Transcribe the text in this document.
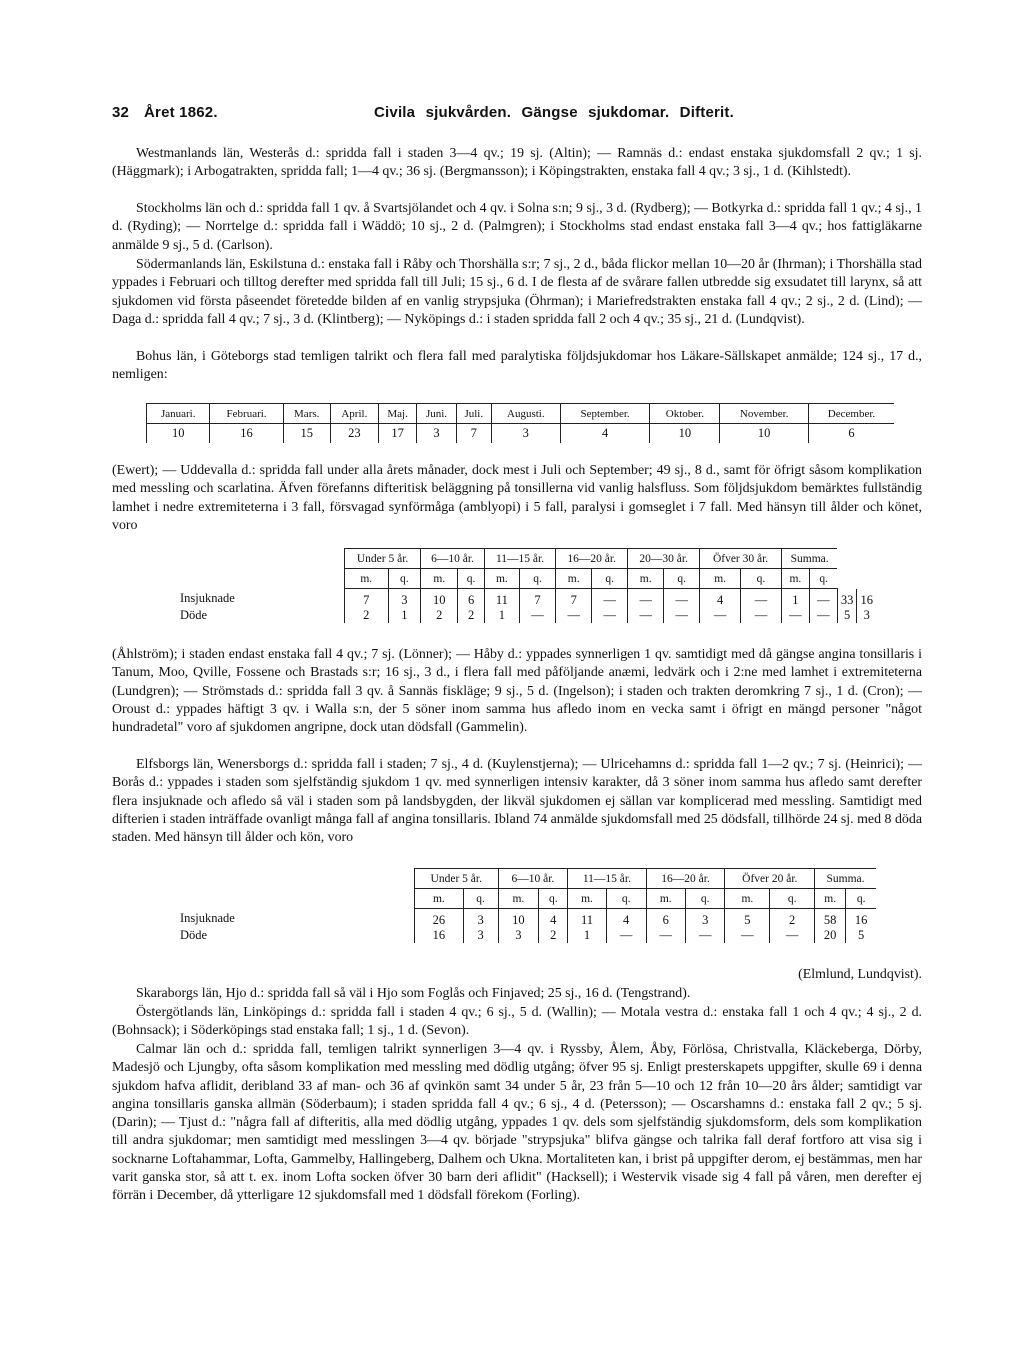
32 Året 1862.	Civila sjukvården. Gängse sjukdomar. Difterit.

Westmanlands län, Westerås d.: spridda fall i staden 3—4 qv.; 19 sj. (Altin); — Ramnäs d.: endast enstaka sjukdomsfall 2 qv.; 1 sj. (Häggmark); i Arbogatrakten, spridda fall; 1—4 qv.; 36 sj. (Bergmansson); i Köpingstrakten, enstaka fall 4 qv.; 3 sj., 1 d. (Kihlstedt).

Stockholms län och d.: spridda fall 1 qv. å Svartsjölandet och 4 qv. i Solna s:n; 9 sj., 3 d. (Rydberg); — Botkyrka d.: spridda fall 1 qv.; 4 sj., 1 d. (Ryding); — Norrtelge d.: spridda fall i Wäddö; 10 sj., 2 d. (Palmgren); i Stockholms stad endast enstaka fall 3—4 qv.; hos fattigläkarne anmälde 9 sj., 5 d. (Carlson).

Södermanlands län, Eskilstuna d.: enstaka fall i Råby och Thorshälla s:r; 7 sj., 2 d., båda flickor mellan 10—20 år (Ihrman); i Thorshälla stad yppades i Februari och tilltog derefter med spridda fall till Juli; 15 sj., 6 d. I de flesta af de svårare fallen utbredde sig exsudatet till larynx, så att sjukdomen vid första påseendet företedde bilden af en vanlig strypsjuka (Öhrman); i Mariefredstrakten enstaka fall 4 qv.; 2 sj., 2 d. (Lind); — Daga d.: spridda fall 4 qv.; 7 sj., 3 d. (Klintberg); — Nyköpings d.: i staden spridda fall 2 och 4 qv.; 35 sj., 21 d. (Lundqvist).

Bohus län, i Göteborgs stad temligen talrikt och flera fall med paralytiska följdsjukdomar hos Läkare-Sällskapet anmälde; 124 sj., 17 d., nemligen:

Januari.	Februari.	Mars.	April.	Maj.	Juni.	Juli.	Augusti.	September.	Oktober.	November.	December.
10	16	15	23	17	3	7	3	4	10	10	6

(Ewert); — Uddevalla d.: spridda fall under alla årets månader, dock mest i Juli och September; 49 sj., 8 d., samt för öfrigt såsom komplikation med messling och scarlatina. Äfven förefanns difteritisk beläggning på tonsillerna vid vanlig halsfluss. Som följdsjukdom bemärktes fullständig lamhet i nedre extremiteterna i 3 fall, försvagad synförmåga (amblyopi) i 5 fall, paralysi i gomseglet i 7 fall. Med hänsyn till ålder och könet, voro

	Under 5 år.		6—10 år.		11—15 år.		16—20 år.		20—30 år.		Öfver 30 år.		Summa.			
	m.	q.	m.	q.	m.	q.	m.	q.	m.	q.	m.	q.	m.	q.		
Insjuknade	7	3	10	6	11	7	7	—	—	—	4	—	1	—	33	16
Döde	2	1	2	2	1	—	—	—	—	—	—	—	—	—	5	3

(Åhlström); i staden endast enstaka fall 4 qv.; 7 sj. (Lönner); — Håby d.: yppades synnerligen 1 qv. samtidigt med då gängse angina tonsillaris i Tanum, Moo, Qville, Fossene och Brastads s:r; 16 sj., 3 d., i flera fall med påföljande anæmi, ledvärk och i 2:ne med lamhet i extremiteterna (Lundgren); — Strömstads d.: spridda fall 3 qv. å Sannäs fiskläge; 9 sj., 5 d. (Ingelson); i staden och trakten deromkring 7 sj., 1 d. (Cron); — Oroust d.: yppades häftigt 3 qv. i Walla s:n, der 5 söner inom samma hus afledo inom en vecka samt i öfrigt en mängd personer "något hundradetal" voro af sjukdomen angripne, dock utan dödsfall (Gammelin).

Elfsborgs län, Wenersborgs d.: spridda fall i staden; 7 sj., 4 d. (Kuylenstjerna); — Ulricehamns d.: spridda fall 1—2 qv.; 7 sj. (Heinrici); — Borås d.: yppades i staden som sjelfständig sjukdom 1 qv. med synnerligen intensiv karakter, då 3 söner inom samma hus afledo samt derefter flera insjuknade och afledo så väl i staden som på landsbygden, der likväl sjukdomen ej sällan var komplicerad med messling. Samtidigt med difterien i staden inträffade ovanligt många fall af angina tonsillaris. Ibland 74 anmälde sjukdomsfall med 25 dödsfall, tillhörde 24 sj. med 8 döda staden. Med hänsyn till ålder och kön, voro

	Under 5 år.		6—10 år.		11—15 år.		16—20 år.		Öfver 20 år.		Summa.	
	m.	q.	m.	q.	m.	q.	m.	q.	m.	q.	m.	q.
Insjuknade	26	3	10	4	11	4	6	3	5	2	58	16
Döde	16	3	3	2	1	—	—	—	—	—	20	5

(Elmlund, Lundqvist).

Skaraborgs län, Hjo d.: spridda fall så väl i Hjo som Foglås och Finjaved; 25 sj., 16 d. (Tengstrand).

Östergötlands län, Linköpings d.: spridda fall i staden 4 qv.; 6 sj., 5 d. (Wallin); — Motala vestra d.: enstaka fall 1 och 4 qv.; 4 sj., 2 d. (Bohnsack); i Söderköpings stad enstaka fall; 1 sj., 1 d. (Sevon).

Calmar län och d.: spridda fall, temligen talrikt synnerligen 3—4 qv. i Ryssby, Ålem, Åby, Förlösa, Christvalla, Kläckeberga, Dörby, Madesjö och Ljungby, ofta såsom komplikation med messling med dödlig utgång; öfver 95 sj. Enligt presterskapets uppgifter, skulle 69 i denna sjukdom hafva aflidit, deribland 33 af man- och 36 af qvinkön samt 34 under 5 år, 23 från 5—10 och 12 från 10—20 års ålder; samtidigt var angina tonsillaris ganska allmän (Söderbaum); i staden spridda fall 4 qv.; 6 sj., 4 d. (Petersson); — Oscarshamns d.: enstaka fall 2 qv.; 5 sj. (Darin); — Tjust d.: "några fall af difteritis, alla med dödlig utgång, yppades 1 qv. dels som sjelfständig sjukdomsform, dels som komplikation till andra sjukdomar; men samtidigt med messlingen 3—4 qv. började "strypsjuka" blifva gängse och talrika fall deraf fortforo att visa sig i socknarne Loftahammar, Lofta, Gammelby, Hallingeberg, Dalhem och Ukna. Mortaliteten kan, i brist på uppgifter derom, ej bestämmas, men har varit ganska stor, så att t. ex. inom Lofta socken öfver 30 barn deri aflidit" (Hacksell); i Westervik visade sig 4 fall på våren, men derefter ej förrän i December, då ytterligare 12 sjukdomsfall med 1 dödsfall förekom (Forling).
